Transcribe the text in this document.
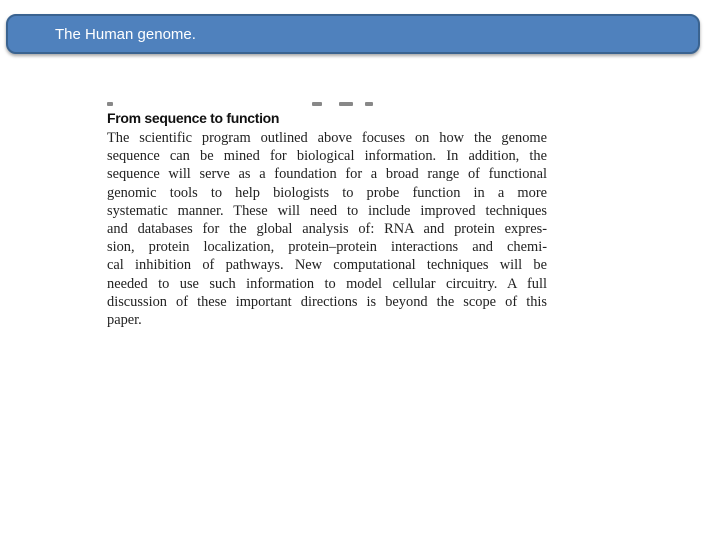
The Human genome.
From sequence to function
The scientific program outlined above focuses on how the genome
sequence can be mined for biological information. In addition, the
sequence will serve as a foundation for a broad range of functional
genomic tools to help biologists to probe function in a more
systematic manner. These will need to include improved techniques
and databases for the global analysis of: RNA and protein expres-
sion, protein localization, protein–protein interactions and chemi-
cal inhibition of pathways. New computational techniques will be
needed to use such information to model cellular circuitry. A full
discussion of these important directions is beyond the scope of this
paper.
